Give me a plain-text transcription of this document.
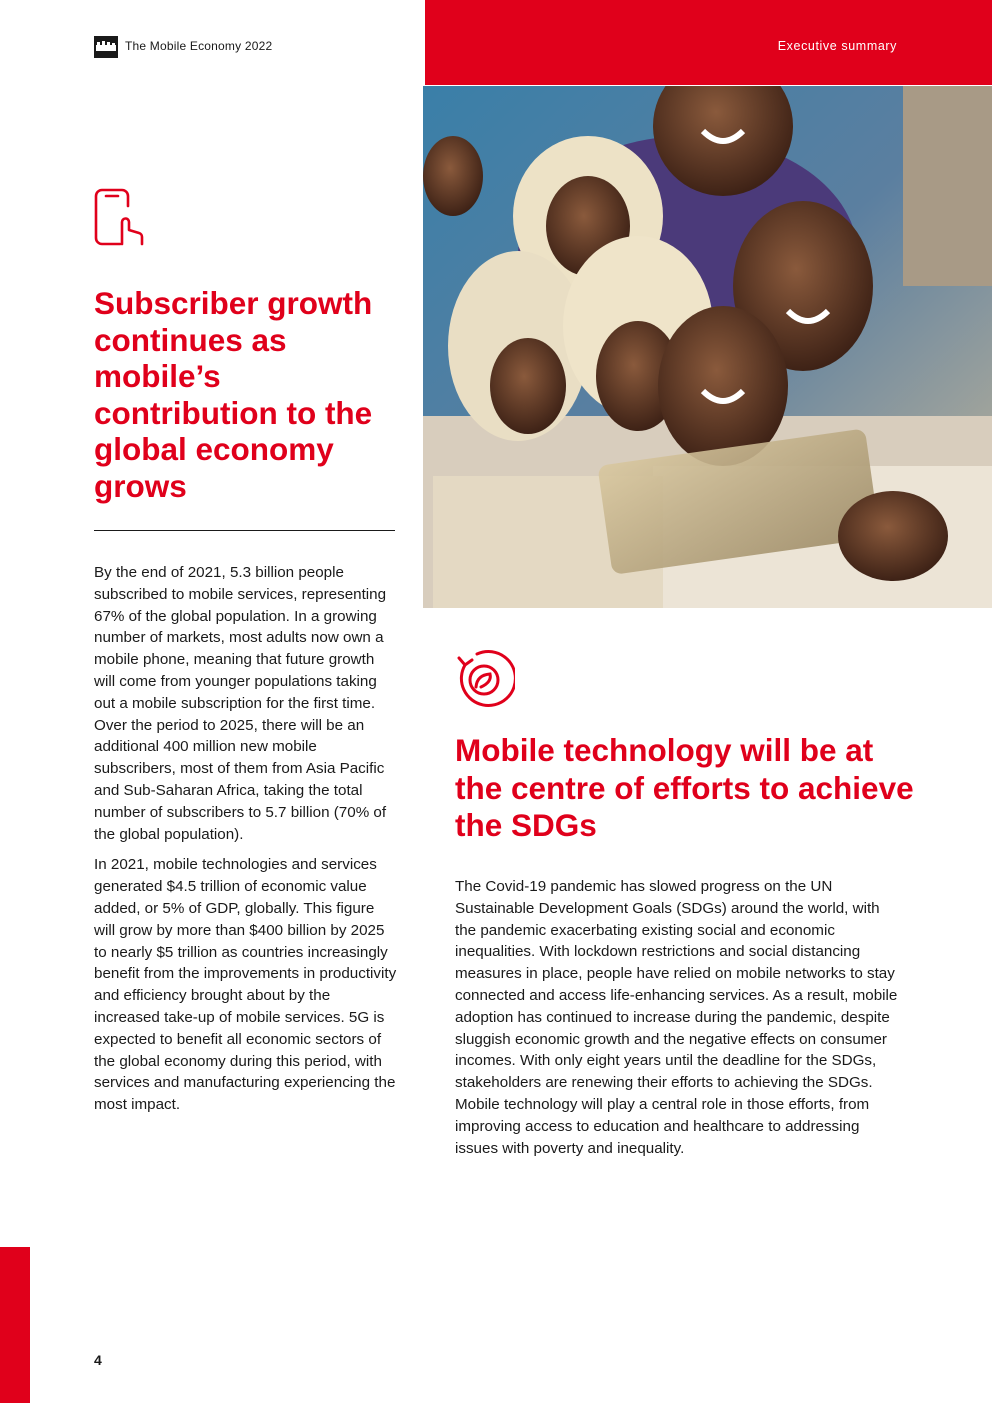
The Mobile Economy 2022	Executive summary
Subscriber growth continues as mobile’s contribution to the global economy grows

By the end of 2021, 5.3 billion people subscribed to mobile services, representing 67% of the global population. In a growing number of markets, most adults now own a mobile phone, meaning that future growth will come from younger populations taking out a mobile subscription for the first time. Over the period to 2025, there will be an additional 400 million new mobile subscribers, most of them from Asia Pacific and Sub-Saharan Africa, taking the total number of subscribers to 5.7 billion (70% of the global population).

In 2021, mobile technologies and services generated $4.5 trillion of economic value added, or 5% of GDP, globally. This figure will grow by more than $400 billion by 2025 to nearly $5 trillion as countries increasingly benefit from the improvements in productivity and efficiency brought about by the increased take-up of mobile services. 5G is expected to benefit all economic sectors of the global economy during this period, with services and manufacturing experiencing the most impact.

Mobile technology will be at the centre of efforts to achieve the SDGs

The Covid-19 pandemic has slowed progress on the UN Sustainable Development Goals (SDGs) around the world, with the pandemic exacerbating existing social and economic inequalities. With lockdown restrictions and social distancing measures in place, people have relied on mobile networks to stay connected and access life-enhancing services. As a result, mobile adoption has continued to increase during the pandemic, despite sluggish economic growth and the negative effects on consumer incomes. With only eight years until the deadline for the SDGs, stakeholders are renewing their efforts to achieving the SDGs. Mobile technology will play a central role in those efforts, from improving access to education and healthcare to addressing issues with poverty and inequality.

4
